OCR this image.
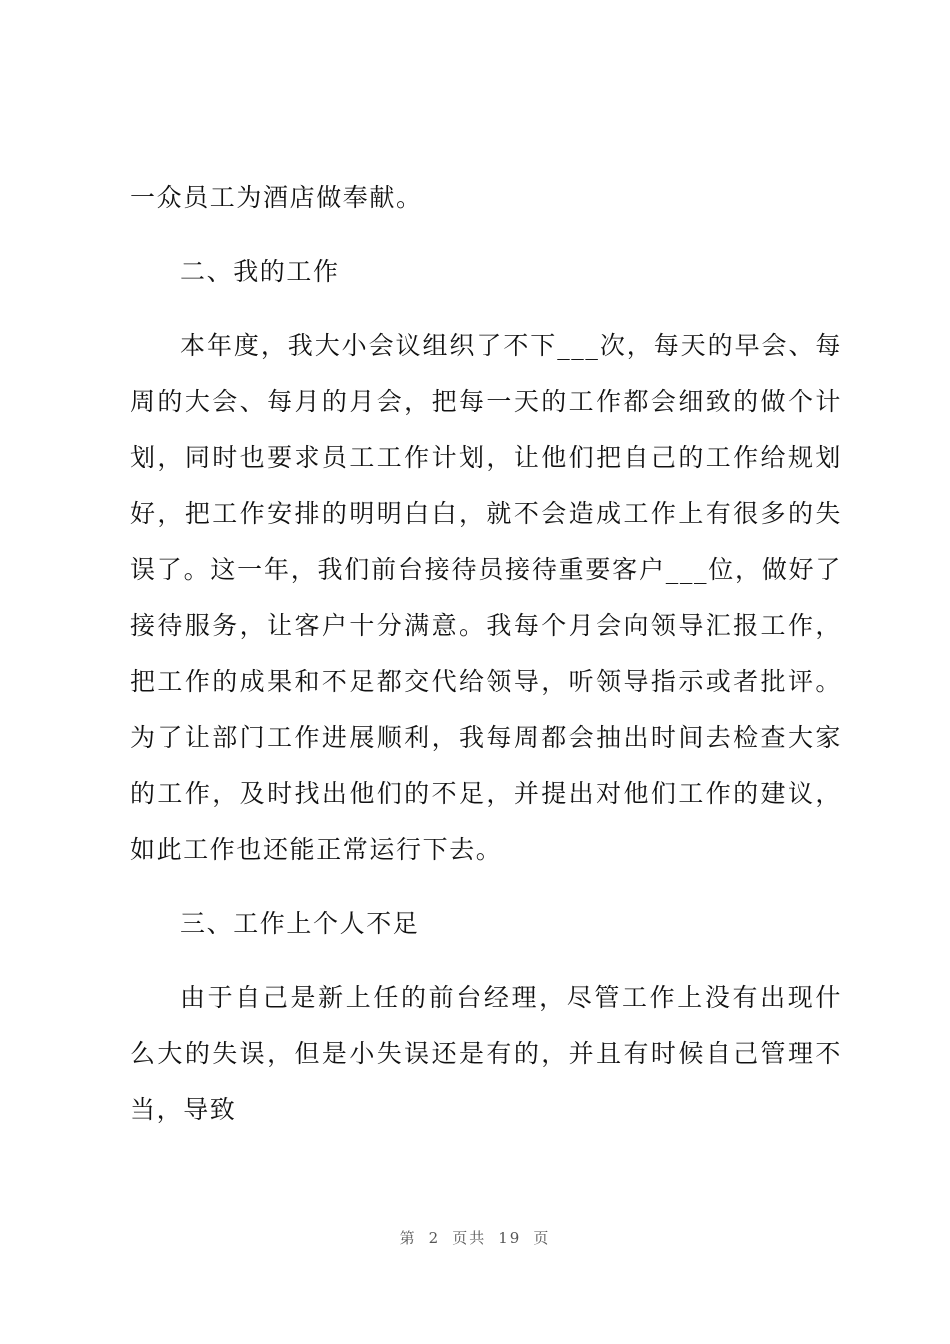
一众员工为酒店做奉献。

二、我的工作

本年度，我大小会议组织了不下___次，每天的早会、每周的大会、每月的月会，把每一天的工作都会细致的做个计划，同时也要求员工工作计划，让他们把自己的工作给规划好，把工作安排的明明白白，就不会造成工作上有很多的失误了。这一年，我们前台接待员接待重要客户___位，做好了接待服务，让客户十分满意。我每个月会向领导汇报工作，把工作的成果和不足都交代给领导，听领导指示或者批评。为了让部门工作进展顺利，我每周都会抽出时间去检查大家的工作，及时找出他们的不足，并提出对他们工作的建议，如此工作也还能正常运行下去。

三、工作上个人不足

由于自己是新上任的前台经理，尽管工作上没有出现什么大的失误，但是小失误还是有的，并且有时候自己管理不当，导致

第 2 页共 19 页
